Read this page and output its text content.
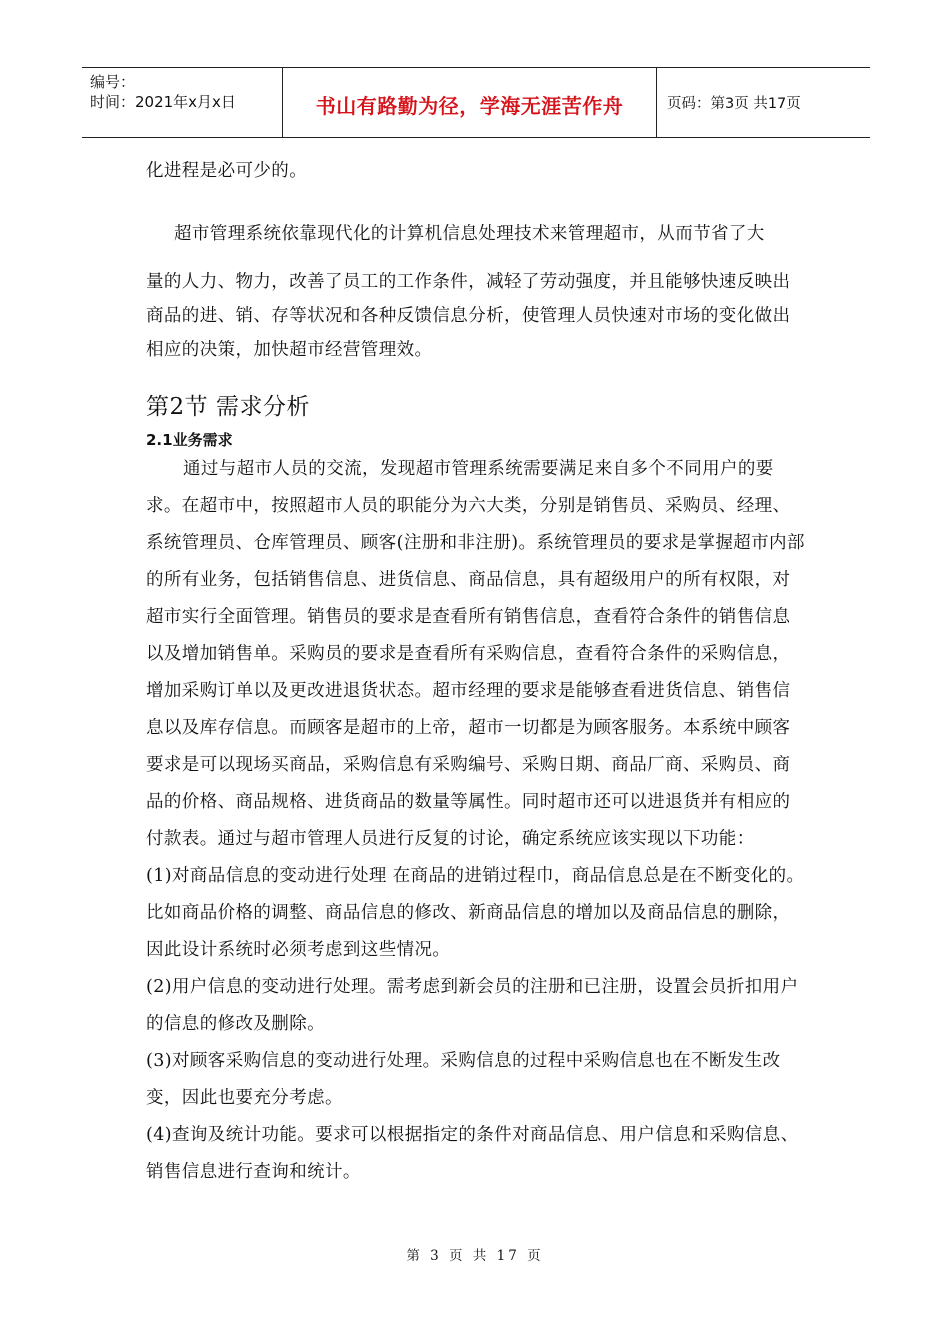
编号：
时间：2021年x月x日	书山有路勤为径，学海无涯苦作舟	页码：第3页 共17页

化进程是必可少的。

超市管理系统依靠现代化的计算机信息处理技术来管理超市，从而节省了大

量的人力、物力，改善了员工的工作条件，减轻了劳动强度，并且能够快速反映出商品的进、销、存等状况和各种反馈信息分析，使管理人员快速对市场的变化做出相应的决策，加快超市经营管理效。

第2节 需求分析
2.1业务需求

通过与超市人员的交流，发现超市管理系统需要满足来自多个不同用户的要求。在超市中，按照超市人员的职能分为六大类，分别是销售员、采购员、经理、系统管理员、仓库管理员、顾客(注册和非注册)。系统管理员的要求是掌握超市内部的所有业务，包括销售信息、进货信息、商品信息，具有超级用户的所有权限，对超市实行全面管理。销售员的要求是查看所有销售信息，查看符合条件的销售信息以及增加销售单。采购员的要求是查看所有采购信息，查看符合条件的采购信息，增加采购订单以及更改进退货状态。超市经理的要求是能够查看进货信息、销售信息以及库存信息。而顾客是超市的上帝，超市一切都是为顾客服务。本系统中顾客要求是可以现场买商品，采购信息有采购编号、采购日期、商品厂商、采购员、商品的价格、商品规格、进货商品的数量等属性。同时超市还可以进退货并有相应的付款表。通过与超市管理人员进行反复的讨论，确定系统应该实现以下功能：

(1)对商品信息的变动进行处理 在商品的进销过程巾，商品信息总是在不断变化的。比如商品价格的调整、商品信息的修改、新商品信息的增加以及商品信息的删除，因此设计系统时必须考虑到这些情况。

(2)用户信息的变动进行处理。需考虑到新会员的注册和已注册，设置会员折扣用户的信息的修改及删除。

(3)对顾客采购信息的变动进行处理。采购信息的过程中采购信息也在不断发生改变，因此也要充分考虑。

(4)查询及统计功能。要求可以根据指定的条件对商品信息、用户信息和采购信息、销售信息进行查询和统计。

第 3 页 共 17 页
